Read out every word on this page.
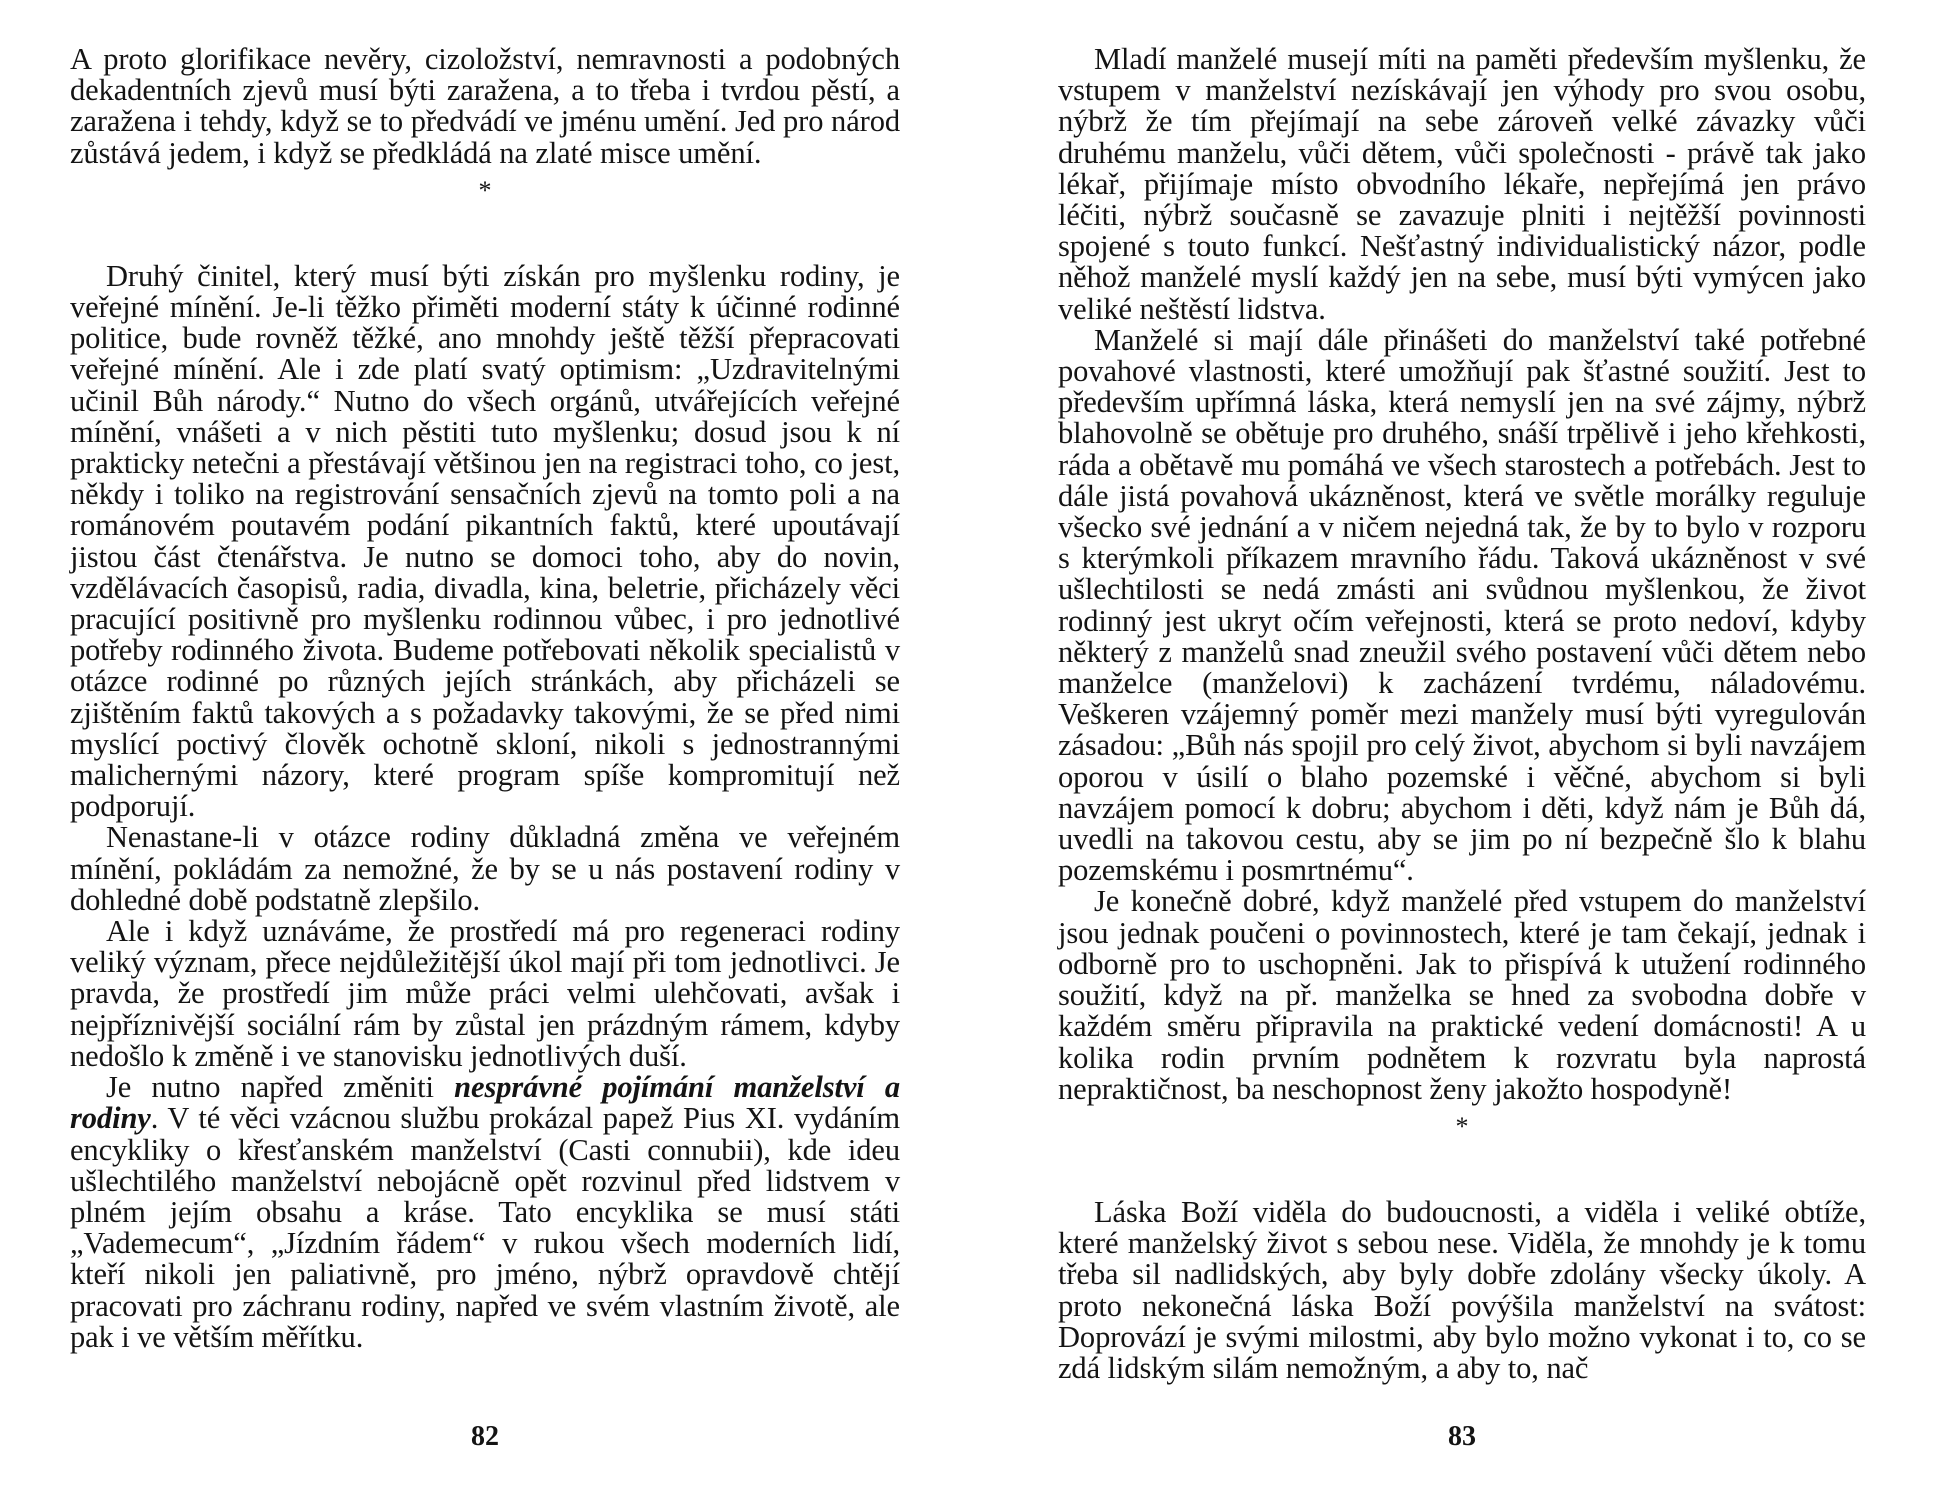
A proto glorifikace nevěry, cizoložství, nemravnosti a podobných dekadentních zjevů musí býti zaražena, a to třeba i tvrdou pěstí, a zaražena i tehdy, když se to předvádí ve jménu umění. Jed pro národ zůstává jedem, i když se předkládá na zlaté misce umění.

*

Druhý činitel, který musí býti získán pro myšlenku rodiny, je veřejné mínění. Je-li těžko přiměti moderní státy k účinné rodinné politice, bude rovněž těžké, ano mnohdy ještě těžší přepracovati veřejné mínění. Ale i zde platí svatý optimism: „Uzdravitelnými učinil Bůh národy.“ Nutno do všech orgánů, utvářejících veřejné mínění, vnášeti a v nich pěstiti tuto myšlenku; dosud jsou k ní prakticky netečni a přestávají většinou jen na registraci toho, co jest, někdy i toliko na registrování sensačních zjevů na tomto poli a na románovém poutavém podání pikantních faktů, které upoutávají jistou část čtenářstva. Je nutno se domoci toho, aby do novin, vzdělávacích časopisů, radia, divadla, kina, beletrie, přicházely věci pracující positivně pro myšlenku rodinnou vůbec, i pro jednotlivé potřeby rodinného života. Budeme potřebovati několik specialistů v otázce rodinné po různých jejích stránkách, aby přicházeli se zjištěním faktů takových a s požadavky takovými, že se před nimi myslící poctivý člověk ochotně skloní, nikoli s jednostrannými malichernými názory, které program spíše kompromitují než podporují.

Nenastane-li v otázce rodiny důkladná změna ve veřejném mínění, pokládám za nemožné, že by se u nás postavení rodiny v dohledné době podstatně zlepšilo.

Ale i když uznáváme, že prostředí má pro regeneraci rodiny veliký význam, přece nejdůležitější úkol mají při tom jednotlivci. Je pravda, že prostředí jim může práci velmi ulehčovati, avšak i nejpříznivější sociální rám by zůstal jen prázdným rámem, kdyby nedošlo k změně i ve stanovisku jednotlivých duší.

Je nutno napřed změniti nesprávné pojímání manželství a rodiny. V té věci vzácnou službu prokázal papež Pius XI. vydáním encykliky o křesťanském manželství (Casti connubii), kde ideu ušlechtilého manželství nebojácně opět rozvinul před lidstvem v plném jejím obsahu a kráse. Tato encyklika se musí státi „Vademecum“, „Jízdním řádem“ v rukou všech moderních lidí, kteří nikoli jen paliativně, pro jméno, nýbrž opravdově chtějí pracovati pro záchranu rodiny, napřed ve svém vlastním životě, ale pak i ve větším měřítku.

82

Mladí manželé musejí míti na paměti především myšlenku, že vstupem v manželství nezískávají jen výhody pro svou osobu, nýbrž že tím přejímají na sebe zároveň velké závazky vůči druhému manželu, vůči dětem, vůči společnosti - právě tak jako lékař, přijímaje místo obvodního lékaře, nepřejímá jen právo léčiti, nýbrž současně se zavazuje plniti i nejtěžší povinnosti spojené s touto funkcí. Nešťastný individualistický názor, podle něhož manželé myslí každý jen na sebe, musí býti vymýcen jako veliké neštěstí lidstva.

Manželé si mají dále přinášeti do manželství také potřebné povahové vlastnosti, které umožňují pak šťastné soužití. Jest to především upřímná láska, která nemyslí jen na své zájmy, nýbrž blahovolně se obětuje pro druhého, snáší trpělivě i jeho křehkosti, ráda a obětavě mu pomáhá ve všech starostech a potřebách. Jest to dále jistá povahová ukázněnost, která ve světle morálky reguluje všecko své jednání a v ničem nejedná tak, že by to bylo v rozporu s kterýmkoli příkazem mravního řádu. Taková ukázněnost v své ušlechtilosti se nedá zmásti ani svůdnou myšlenkou, že život rodinný jest ukryt očím veřejnosti, která se proto nedoví, kdyby některý z manželů snad zneužil svého postavení vůči dětem nebo manželce (manželovi) k zacházení tvrdému, náladovému. Veškeren vzájemný poměr mezi manžely musí býti vyregulován zásadou: „Bůh nás spojil pro celý život, abychom si byli navzájem oporou v úsilí o blaho pozemské i věčné, abychom si byli navzájem pomocí k dobru; abychom i děti, když nám je Bůh dá, uvedli na takovou cestu, aby se jim po ní bezpečně šlo k blahu pozemskému i posmrtnému“.

Je konečně dobré, když manželé před vstupem do manželství jsou jednak poučeni o povinnostech, které je tam čekají, jednak i odborně pro to uschopněni. Jak to přispívá k utužení rodinného soužití, když na př. manželka se hned za svobodna dobře v každém směru připravila na praktické vedení domácnosti! A u kolika rodin prvním podnětem k rozvratu byla naprostá nepraktičnost, ba neschopnost ženy jakožto hospodyně!

*

Láska Boží viděla do budoucnosti, a viděla i veliké obtíže, které manželský život s sebou nese. Viděla, že mnohdy je k tomu třeba sil nadlidských, aby byly dobře zdolány všecky úkoly. A proto nekonečná láska Boží povýšila manželství na svátost: Doprovází je svými milostmi, aby bylo možno vykonat i to, co se zdá lidským silám nemožným, a aby to, nač

83
